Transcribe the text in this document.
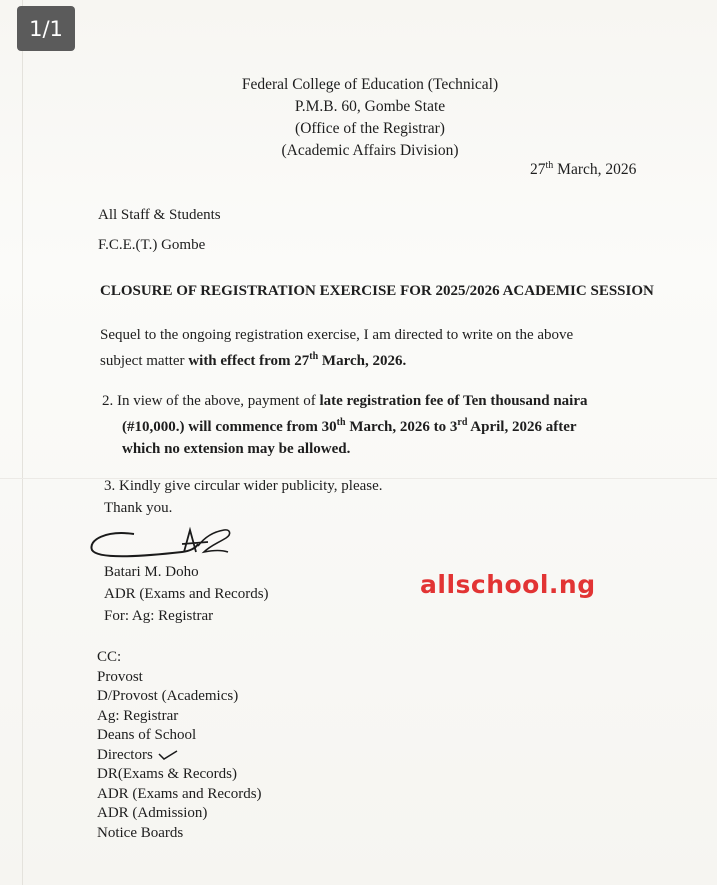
1/1
Federal College of Education (Technical)
P.M.B. 60, Gombe State
(Office of the Registrar)
(Academic Affairs Division)
27th March, 2026
All Staff & Students
F.C.E.(T.) Gombe
CLOSURE OF REGISTRATION EXERCISE FOR 2025/2026 ACADEMIC SESSION
Sequel to the ongoing registration exercise, I am directed to write on the above
subject matter with effect from 27th March, 2026.
2. In view of the above, payment of late registration fee of Ten thousand naira
(#10,000.) will commence from 30th March, 2026 to 3rd April, 2026 after
which no extension may be allowed.
3. Kindly give circular wider publicity, please.
Thank you.
Batari M. Doho
ADR (Exams and Records)
For: Ag: Registrar
allschool.ng
CC:
Provost
D/Provost (Academics)
Ag: Registrar
Deans of School
Directors
DR(Exams & Records)
ADR (Exams and Records)
ADR (Admission)
Notice Boards
